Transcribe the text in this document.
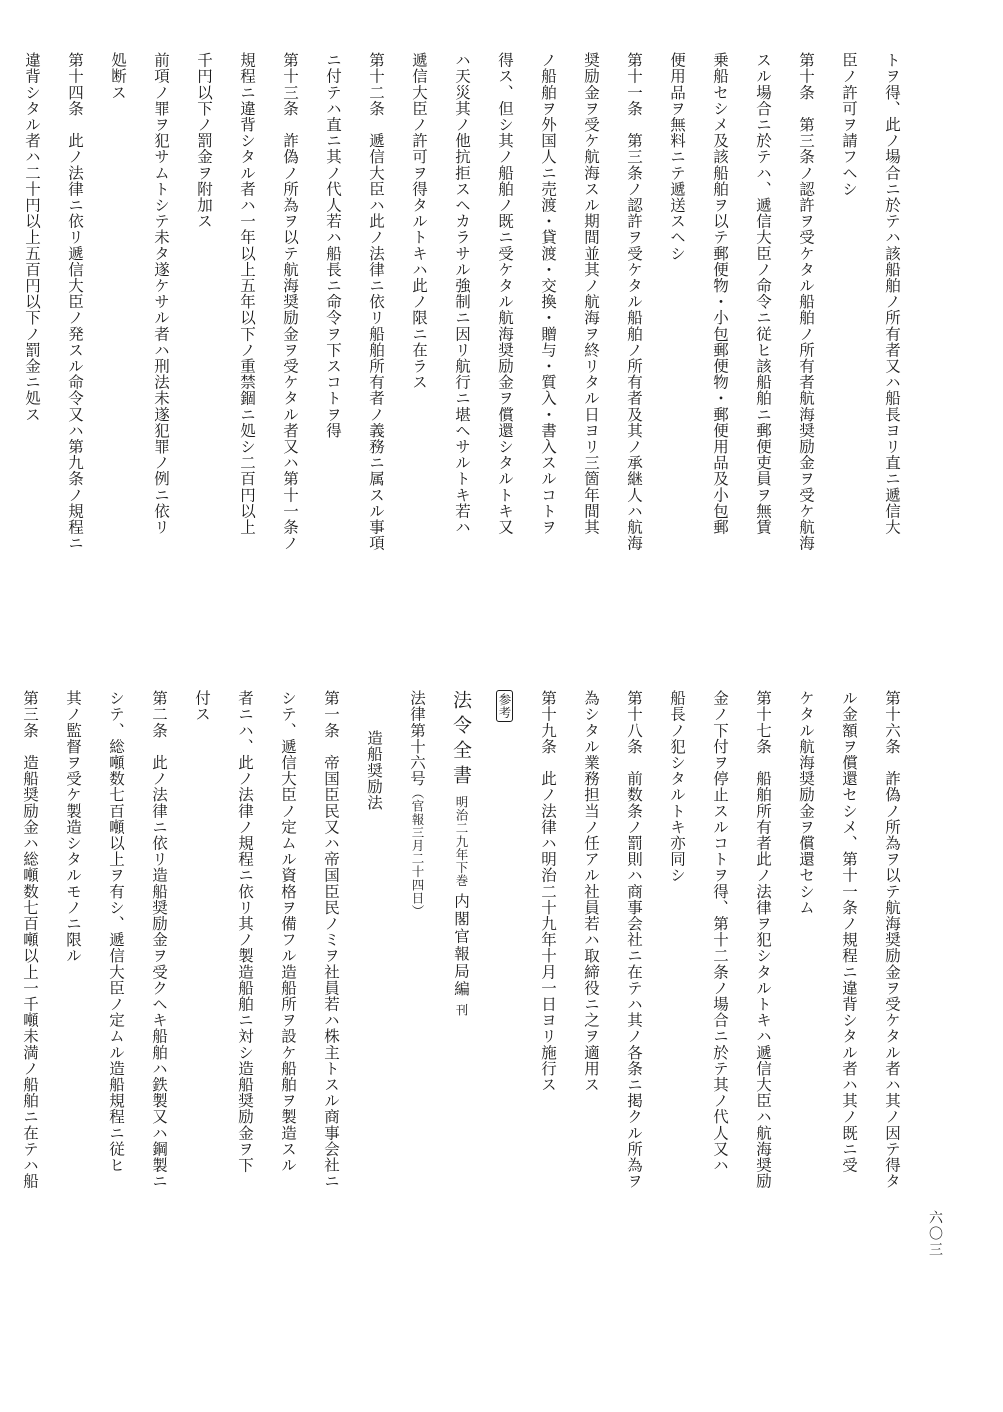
トヲ得、此ノ場合ニ於テハ該船舶ノ所有者又ハ船長ヨリ直ニ遞信大
臣ノ許可ヲ請フヘシ
第十条　第三条ノ認許ヲ受ケタル船舶ノ所有者航海奨励金ヲ受ケ航海
スル場合ニ於テハ、遞信大臣ノ命令ニ従ヒ該船舶ニ郵便吏員ヲ無賃
乗船セシメ及該船舶ヲ以テ郵便物・小包郵便物・郵便用品及小包郵
便用品ヲ無料ニテ遞送スヘシ
第十一条　第三条ノ認許ヲ受ケタル船舶ノ所有者及其ノ承継人ハ航海
奨励金ヲ受ケ航海スル期間並其ノ航海ヲ終リタル日ヨリ三箇年間其
ノ船舶ヲ外国人ニ売渡・貸渡・交換・贈与・質入・書入スルコトヲ
得ス、但シ其ノ船舶ノ既ニ受ケタル航海奨励金ヲ償還シタルトキ又
ハ天災其ノ他抗拒スヘカラサル強制ニ因リ航行ニ堪ヘサルトキ若ハ
遞信大臣ノ許可ヲ得タルトキハ此ノ限ニ在ラス
第十二条　遞信大臣ハ此ノ法律ニ依リ船舶所有者ノ義務ニ属スル事項
ニ付テハ直ニ其ノ代人若ハ船長ニ命令ヲ下スコトヲ得
第十三条　詐偽ノ所為ヲ以テ航海奨励金ヲ受ケタル者又ハ第十一条ノ
規程ニ違背シタル者ハ一年以上五年以下ノ重禁錮ニ処シ二百円以上
千円以下ノ罰金ヲ附加ス
前項ノ罪ヲ犯サムトシテ未タ遂ケサル者ハ刑法未遂犯罪ノ例ニ依リ
処断ス
第十四条　此ノ法律ニ依リ遞信大臣ノ発スル命令又ハ第九条ノ規程ニ
違背シタル者ハ二十円以上五百円以下ノ罰金ニ処ス

第十六条　詐偽ノ所為ヲ以テ航海奨励金ヲ受ケタル者ハ其ノ因テ得タ
ル金額ヲ償還セシメ、第十一条ノ規程ニ違背シタル者ハ其ノ既ニ受
ケタル航海奨励金ヲ償還セシム
第十七条　船舶所有者此ノ法律ヲ犯シタルトキハ遞信大臣ハ航海奨励
金ノ下付ヲ停止スルコトヲ得、第十二条ノ場合ニ於テ其ノ代人又ハ
船長ノ犯シタルトキ亦同シ
第十八条　前数条ノ罰則ハ商事会社ニ在テハ其ノ各条ニ掲クル所為ヲ
為シタル業務担当ノ任アル社員若ハ取締役ニ之ヲ適用ス
第十九条　此ノ法律ハ明治二十九年十月一日ヨリ施行ス
参考
法令全書 明治二九年下巻 内閣官報局編 刊
法律第十六号（官報三月二十四日）
造船奨励法
第一条　帝国臣民又ハ帝国臣民ノミヲ社員若ハ株主トスル商事会社ニ
シテ、遞信大臣ノ定ムル資格ヲ備フル造船所ヲ設ケ船舶ヲ製造スル
者ニハ、此ノ法律ノ規程ニ依リ其ノ製造船舶ニ対シ造船奨励金ヲ下
付ス
第二条　此ノ法律ニ依リ造船奨励金ヲ受クヘキ船舶ハ鉄製又ハ鋼製ニ
シテ、総噸数七百噸以上ヲ有シ、遞信大臣ノ定ムル造船規程ニ従ヒ
其ノ監督ヲ受ケ製造シタルモノニ限ル
第三条　造船奨励金ハ総噸数七百噸以上一千噸未満ノ船舶ニ在テハ船
六〇三
